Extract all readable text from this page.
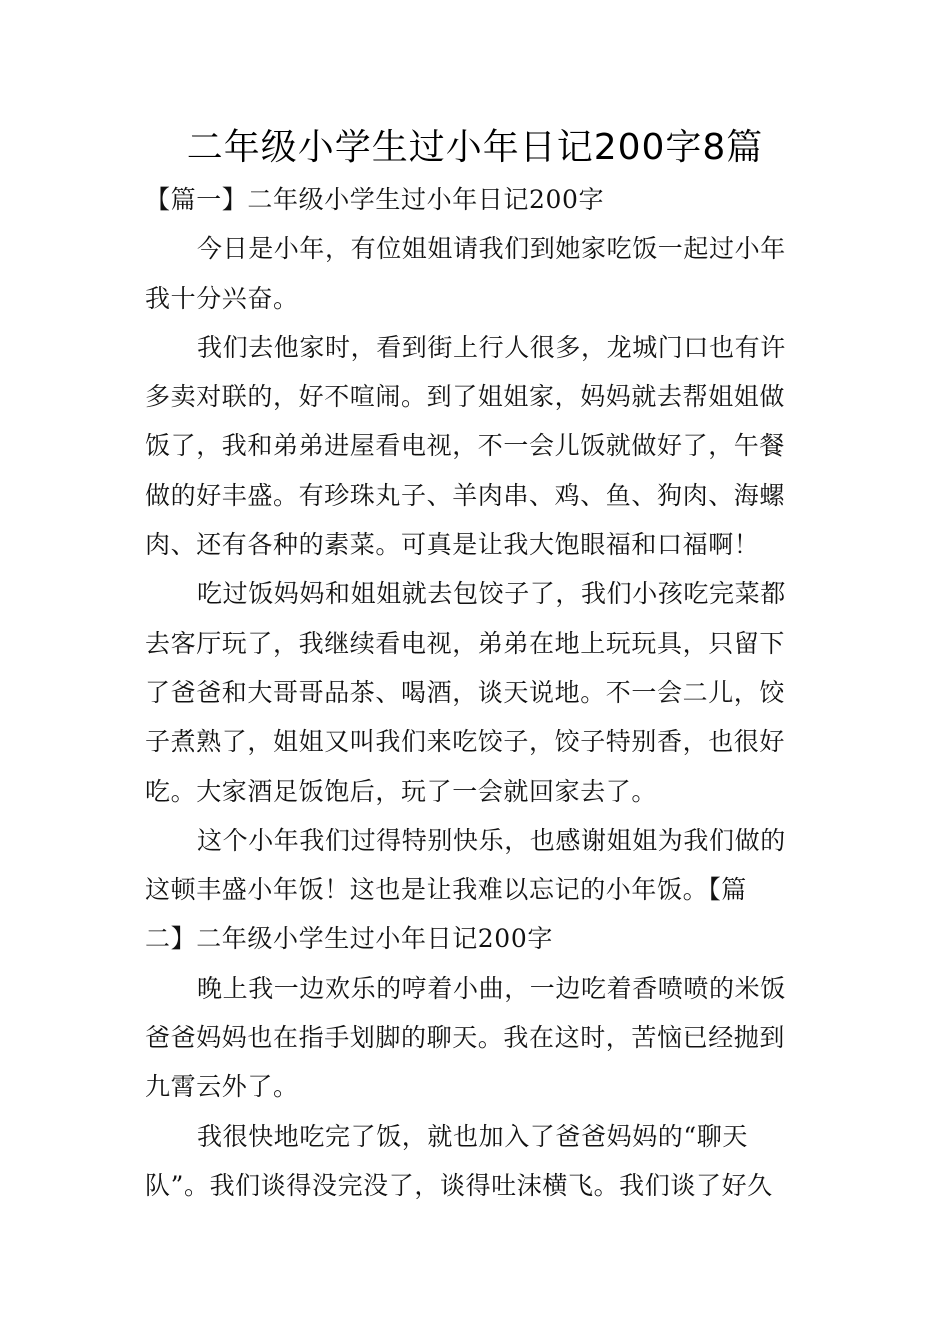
二年级小学生过小年日记200字8篇
【篇一】二年级小学生过小年日记200字
今日是小年，有位姐姐请我们到她家吃饭一起过小年
我十分兴奋。
我们去他家时，看到街上行人很多，龙城门口也有许
多卖对联的，好不喧闹。到了姐姐家，妈妈就去帮姐姐做
饭了，我和弟弟进屋看电视，不一会儿饭就做好了，午餐
做的好丰盛。有珍珠丸子、羊肉串、鸡、鱼、狗肉、海螺
肉、还有各种的素菜。可真是让我大饱眼福和口福啊！
吃过饭妈妈和姐姐就去包饺子了，我们小孩吃完菜都
去客厅玩了，我继续看电视，弟弟在地上玩玩具，只留下
了爸爸和大哥哥品茶、喝酒，谈天说地。不一会二儿，饺
子煮熟了，姐姐又叫我们来吃饺子，饺子特别香，也很好
吃。大家酒足饭饱后，玩了一会就回家去了。
这个小年我们过得特别快乐，也感谢姐姐为我们做的
这顿丰盛小年饭！这也是让我难以忘记的小年饭。【篇
二】二年级小学生过小年日记200字
晚上我一边欢乐的哼着小曲，一边吃着香喷喷的米饭
爸爸妈妈也在指手划脚的聊天。我在这时，苦恼已经抛到
九霄云外了。
我很快地吃完了饭，就也加入了爸爸妈妈的“聊天
队”。我们谈得没完没了，谈得吐沫横飞。我们谈了好久
